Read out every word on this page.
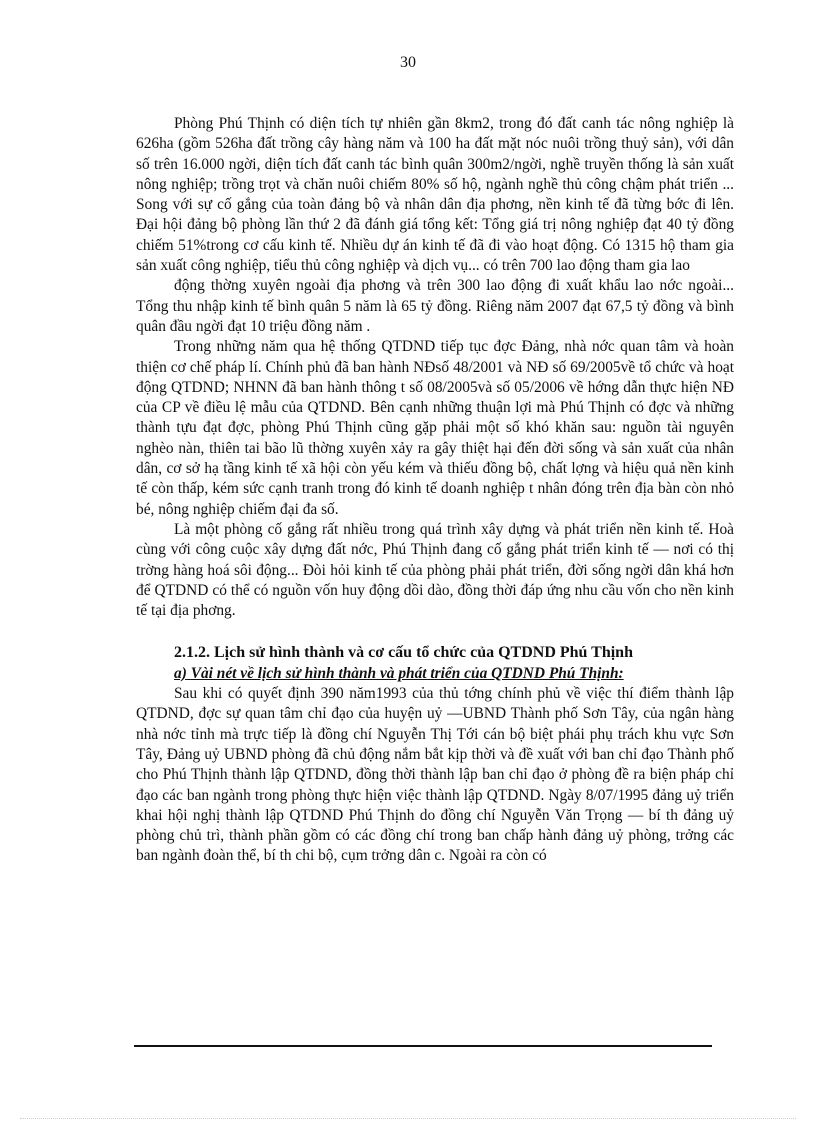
30

Phòng Phú Thịnh có diện tích tự nhiên gần 8km2, trong đó đất canh tác nông nghiệp là 626ha (gồm 526ha đất trồng cây hàng năm và 100 ha đất mặt nóc nuôi trồng thuỷ sản), với dân số trên 16.000 ngời, diện tích đất canh tác bình quân 300m2/ngời, nghề truyền thống là sản xuất nông nghiệp; trồng trọt và chăn nuôi chiếm 80% số hộ, ngành nghề thủ công chậm phát triển ... Song với sự cố gắng của toàn đảng bộ và nhân dân địa phơng, nền kinh tế đã từng bớc đi lên. Đại hội đảng bộ phòng lần thứ 2 đã đánh giá tổng kết: Tổng giá trị nông nghiệp đạt 40 tỷ đồng chiếm 51%trong cơ cấu kinh tế. Nhiều dự án kinh tế đã đi vào hoạt động. Có 1315 hộ tham gia sản xuất công nghiệp, tiểu thủ công nghiệp và dịch vụ... có trên 700 lao động tham gia lao

động thờng xuyên ngoài địa phơng và trên 300 lao động đi xuất khẩu lao nớc ngoài... Tổng thu nhập kinh tế bình quân 5 năm là 65 tỷ đồng. Riêng năm 2007 đạt 67,5 tỷ đồng và bình quân đầu ngời đạt 10 triệu đồng năm .

Trong những năm qua hệ thống QTDND tiếp tục đợc Đảng, nhà nớc quan tâm và hoàn thiện cơ chế pháp lí. Chính phủ đã ban hành NĐsố 48/2001 và NĐ số 69/2005về tổ chức và hoạt động QTDND; NHNN đã ban hành thông t số 08/2005và số 05/2006 về hớng dẫn thực hiện NĐ của CP về điều lệ mẫu của QTDND. Bên cạnh những thuận lợi mà Phú Thịnh có đợc và những thành tựu đạt đợc, phòng Phú Thịnh cũng gặp phải một số khó khăn sau: nguồn tài nguyên nghèo nàn, thiên tai bão lũ thờng xuyên xảy ra gây thiệt hại đến đời sống và sản xuất của nhân dân, cơ sở hạ tầng kinh tế xã hội còn yếu kém và thiếu đồng bộ, chất lợng và hiệu quả nền kinh tế còn thấp, kém sức cạnh tranh trong đó kinh tế doanh nghiệp t nhân đóng trên địa bàn còn nhỏ bé, nông nghiệp chiếm đại đa số.

Là một phòng cố gắng rất nhiều trong quá trình xây dựng và phát triển nền kinh tế. Hoà cùng với công cuộc xây dựng đất nớc, Phú Thịnh đang cố gắng phát triển kinh tế — nơi có thị trờng hàng hoá sôi động... Đòi hỏi kinh tế của phòng phải phát triển, đời sống ngời dân khá hơn để QTDND có thể có nguồn vốn huy động dồi dào, đồng thời đáp ứng nhu cầu vốn cho nền kinh tế tại địa phơng.

2.1.2. Lịch sử hình thành và cơ cấu tổ chức của QTDND Phú Thịnh

a) Vài nét về lịch sử hình thành và phát triển của QTDND Phú Thịnh:

Sau khi có quyết định 390 năm1993 của thủ tớng chính phủ về việc thí điểm thành lập QTDND, đợc sự quan tâm chỉ đạo của huyện uỷ —UBND Thành phố Sơn Tây, của ngân hàng nhà nớc tỉnh mà trực tiếp là đồng chí Nguyễn Thị Tới cán bộ biệt phái phụ trách khu vực Sơn Tây, Đảng uỷ UBND phòng đã chủ động nắm bắt kịp thời và đề xuất với ban chỉ đạo Thành phố cho Phú Thịnh thành lập QTDND, đồng thời thành lập ban chỉ đạo ở phòng đề ra biện pháp chỉ đạo các ban ngành trong phòng thực hiện việc thành lập QTDND. Ngày 8/07/1995 đảng uỷ triển khai hội nghị thành lập QTDND Phú Thịnh do đồng chí Nguyễn Văn Trọng — bí th đảng uỷ phòng chủ trì, thành phần gồm có các đồng chí trong ban chấp hành đảng uỷ phòng, trởng các ban ngành đoàn thể, bí th chi bộ, cụm trởng dân c. Ngoài ra còn có
